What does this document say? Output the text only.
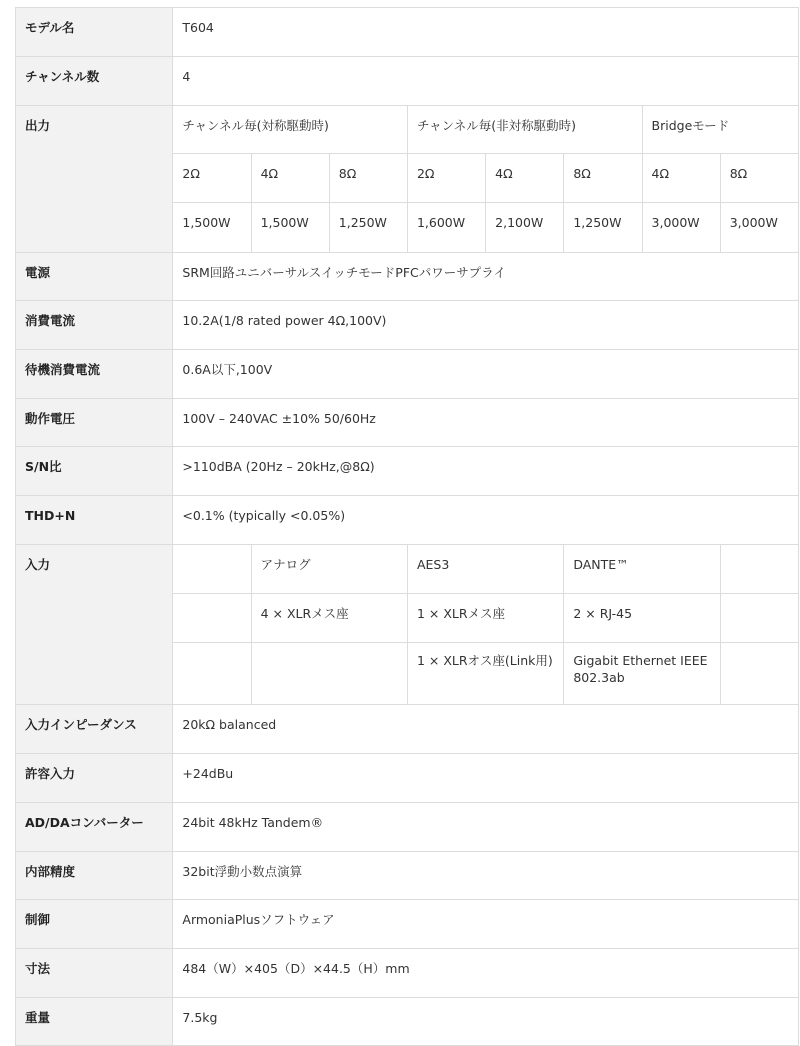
モデル名	T604							
チャンネル数	4							
出力	チャンネル毎(対称駆動時)			チャンネル毎(非対称駆動時)			Bridgeモード	
	2Ω	4Ω	8Ω	2Ω	4Ω	8Ω	4Ω	8Ω
	1,500W	1,500W	1,250W	1,600W	2,100W	1,250W	3,000W	3,000W
電源	SRM回路ユニバーサルスイッチモードPFCパワーサプライ							
消費電流	10.2A(1/8 rated power 4Ω,100V)							
待機消費電流	0.6A以下,100V							
動作電圧	100V – 240VAC ±10% 50/60Hz							
S/N比	>110dBA (20Hz – 20kHz,@8Ω)							
THD+N	<0.1% (typically <0.05%)							
入力		アナログ		AES3		DANTE™		
		4 × XLRメス座		1 × XLRメス座		2 × RJ-45		
				1 × XLRオス座(Link用)		Gigabit Ethernet IEEE 802.3ab		
入力インピーダンス	20kΩ balanced							
許容入力	+24dBu							
AD/DAコンバーター	24bit 48kHz Tandem®							
内部精度	32bit浮動小数点演算							
制御	ArmoniaPlusソフトウェア							
寸法	484（W）×405（D）×44.5（H）mm							
重量	7.5kg							
